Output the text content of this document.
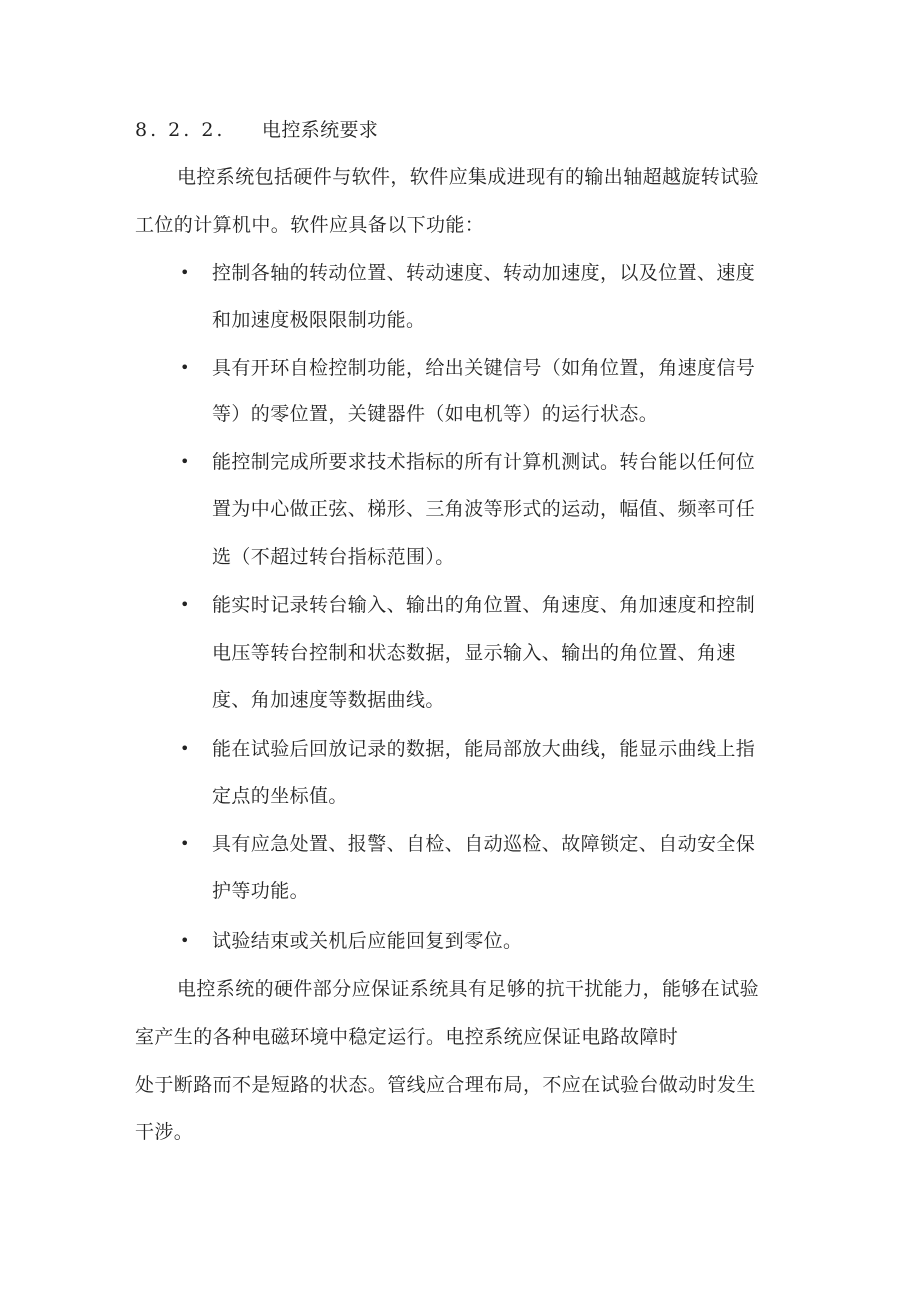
8. 2. 2. 电控系统要求
电控系统包括硬件与软件，软件应集成进现有的输出轴超越旋转试验
工位的计算机中。软件应具备以下功能：
• 控制各轴的转动位置、转动速度、转动加速度，以及位置、速度
和加速度极限限制功能。
• 具有开环自检控制功能，给出关键信号（如角位置，角速度信号
等）的零位置，关键器件（如电机等）的运行状态。
• 能控制完成所要求技术指标的所有计算机测试。转台能以任何位
置为中心做正弦、梯形、三角波等形式的运动，幅值、频率可任
选（不超过转台指标范围）。
• 能实时记录转台输入、输出的角位置、角速度、角加速度和控制
电压等转台控制和状态数据，显示输入、输出的角位置、角速
度、角加速度等数据曲线。
• 能在试验后回放记录的数据，能局部放大曲线，能显示曲线上指
定点的坐标值。
• 具有应急处置、报警、自检、自动巡检、故障锁定、自动安全保
护等功能。
• 试验结束或关机后应能回复到零位。
电控系统的硬件部分应保证系统具有足够的抗干扰能力，能够在试验
室产生的各种电磁环境中稳定运行。电控系统应保证电路故障时
处于断路而不是短路的状态。管线应合理布局，不应在试验台做动时发生
干涉。
